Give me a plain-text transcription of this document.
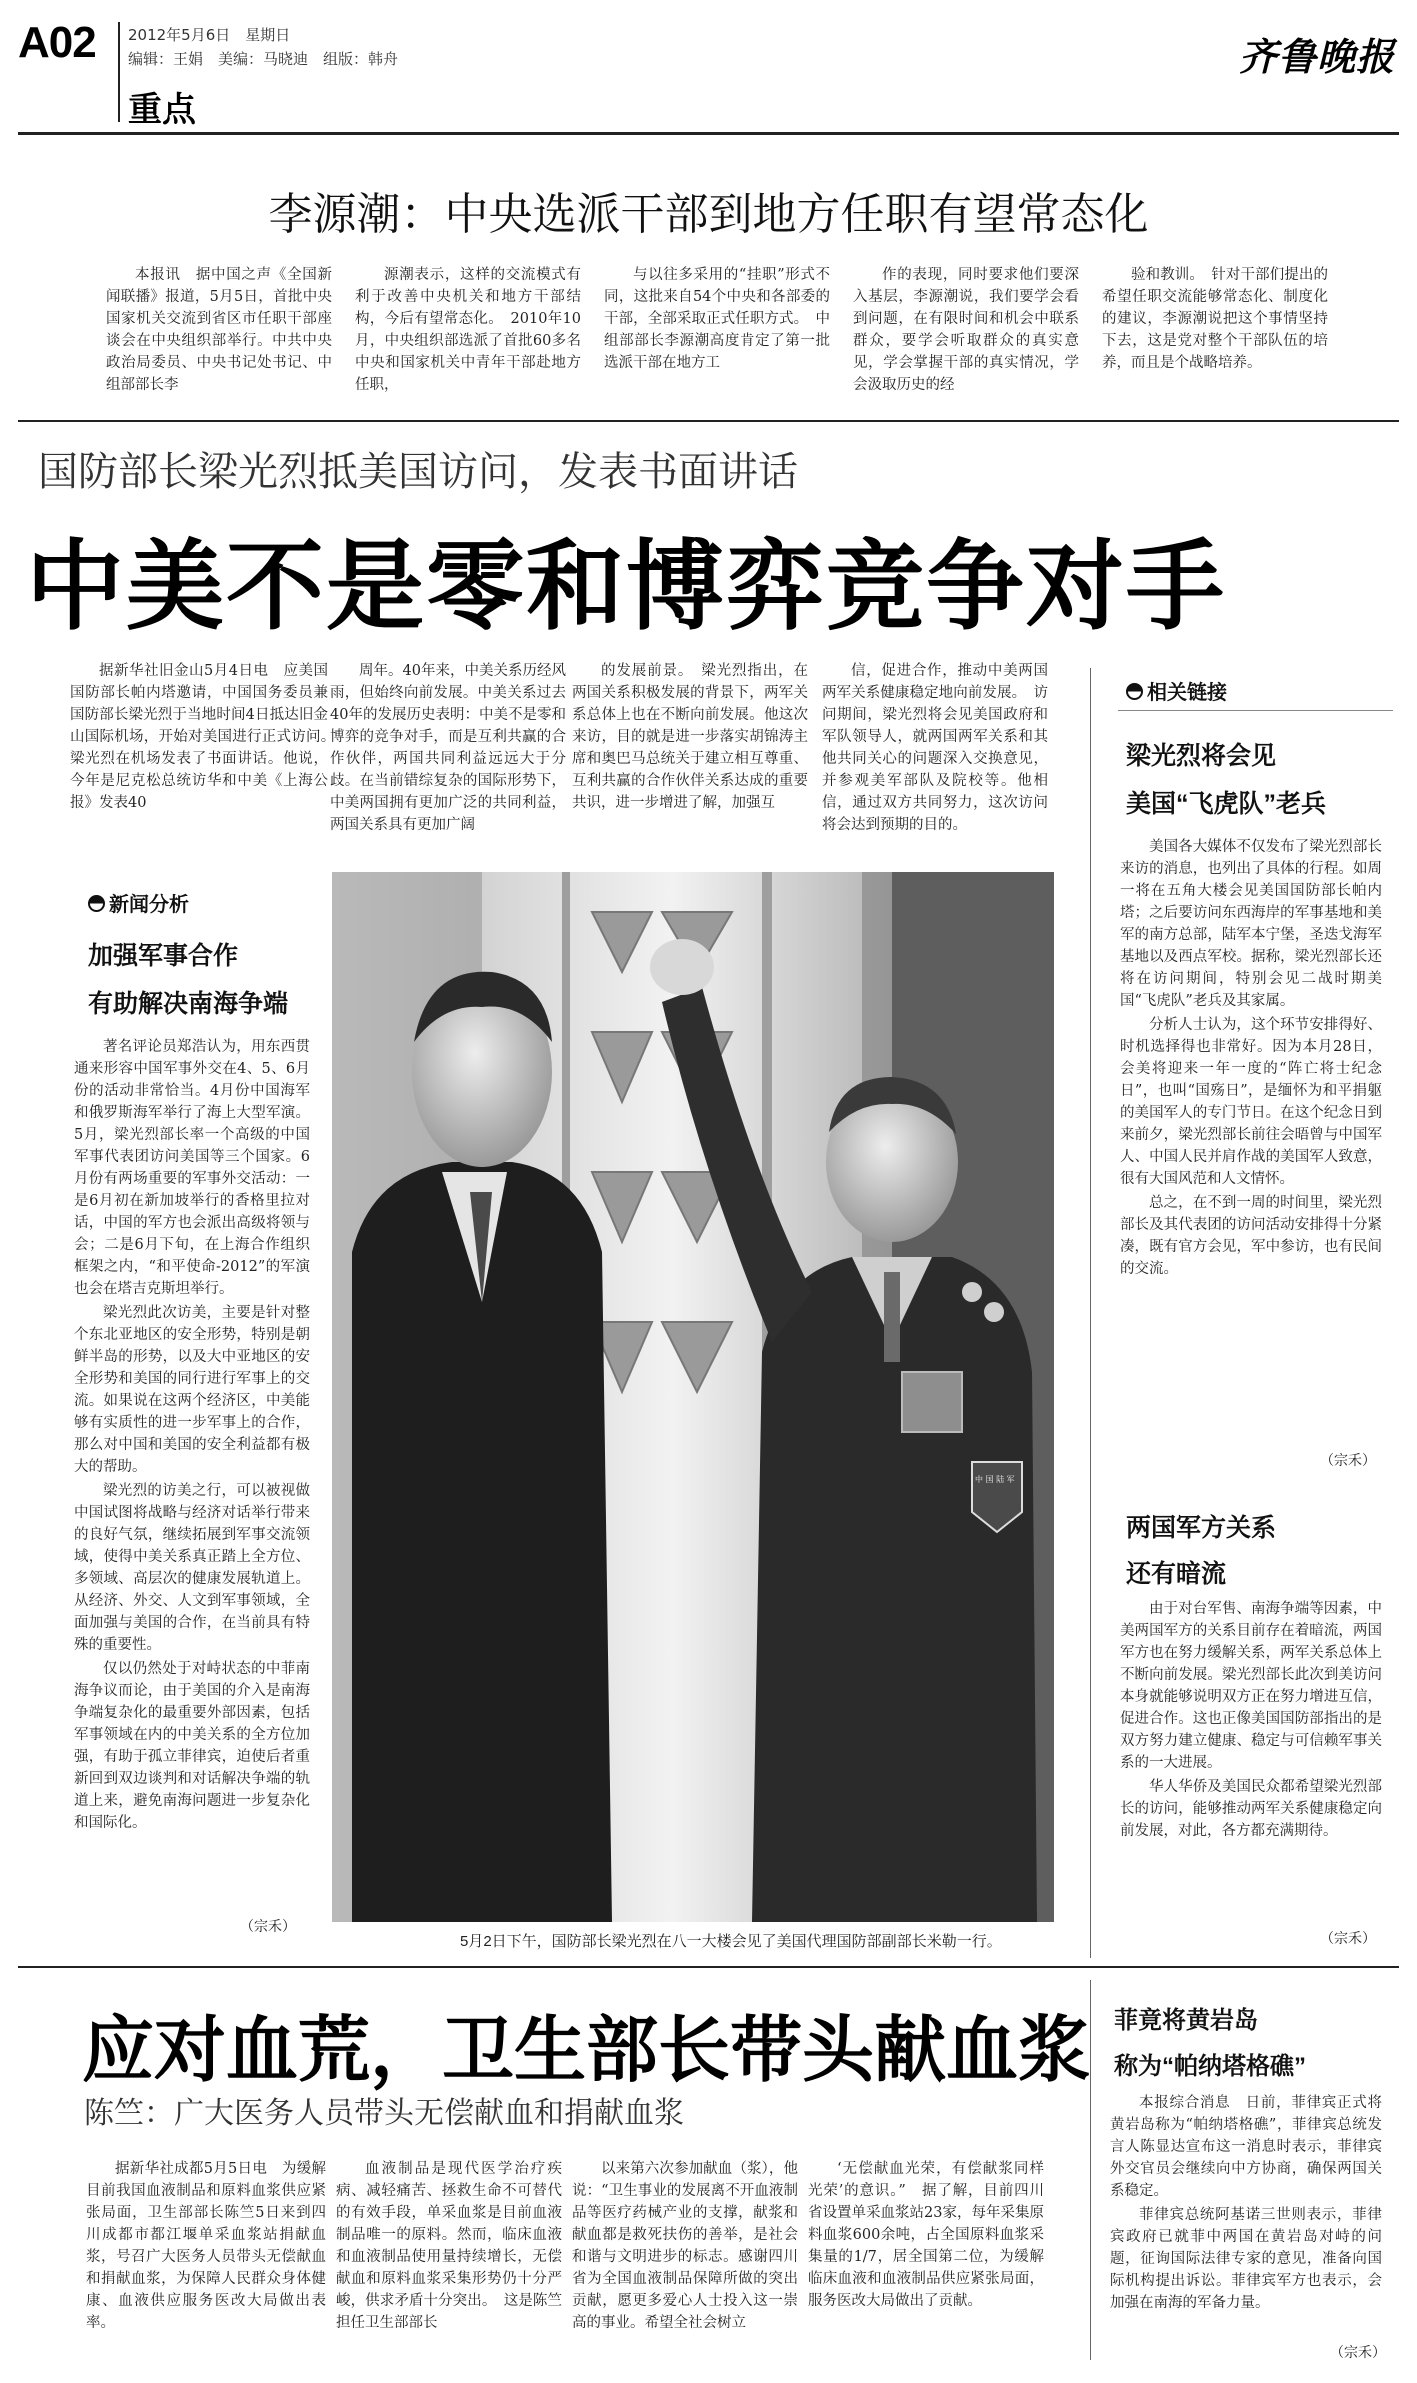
A02 2012年5月6日　星期日
编辑：王娟　美编：马晓迪　组版：韩舟
重点
齐鲁晚报
李源潮：中央选派干部到地方任职有望常态化

本报讯　据中国之声《全国新闻联播》报道，5月5日，首批中央国家机关交流到省区市任职干部座谈会在中央组织部举行。中共中央政治局委员、中央书记处书记、中组部部长李

源潮表示，这样的交流模式有利于改善中央机关和地方干部结构，今后有望常态化。　2010年10月，中央组织部选派了首批60多名中央和国家机关中青年干部赴地方任职，

与以往多采用的“挂职”形式不同，这批来自54个中央和各部委的干部，全部采取正式任职方式。　中组部部长李源潮高度肯定了第一批选派干部在地方工

作的表现，同时要求他们要深入基层，李源潮说，我们要学会看到问题，在有限时间和机会中联系群众，要学会听取群众的真实意见，学会掌握干部的真实情况，学会汲取历史的经

验和教训。　针对干部们提出的希望任职交流能够常态化、制度化的建议，李源潮说把这个事情坚持下去，这是党对整个干部队伍的培养，而且是个战略培养。

国防部长梁光烈抵美国访问，发表书面讲话
中美不是零和博弈竞争对手

据新华社旧金山5月4日电　应美国国防部长帕内塔邀请，中国国务委员兼国防部长梁光烈于当地时间4日抵达旧金山国际机场，开始对美国进行正式访问。　梁光烈在机场发表了书面讲话。他说，今年是尼克松总统访华和中美《上海公报》发表40

周年。40年来，中美关系历经风雨，但始终向前发展。中美关系过去40年的发展历史表明：中美不是零和博弈的竞争对手，而是互利共赢的合作伙伴，两国共同利益远远大于分歧。在当前错综复杂的国际形势下，中美两国拥有更加广泛的共同利益，两国关系具有更加广阔

的发展前景。　梁光烈指出，在两国关系积极发展的背景下，两军关系总体上也在不断向前发展。他这次来访，目的就是进一步落实胡锦涛主席和奥巴马总统关于建立相互尊重、互利共赢的合作伙伴关系达成的重要共识，进一步增进了解，加强互

信，促进合作，推动中美两国两军关系健康稳定地向前发展。　访问期间，梁光烈将会见美国政府和军队领导人，就两国两军关系和其他共同关心的问题深入交换意见，并参观美军部队及院校等。他相信，通过双方共同努力，这次访问将会达到预期的目的。

中 国 陆 军
5月2日下午，国防部长梁光烈在八一大楼会见了美国代理国防部副部长米勒一行。
新闻分析
加强军事合作
有助解决南海争端

著名评论员郑浩认为，用东西贯通来形容中国军事外交在4、5、6月份的活动非常恰当。4月份中国海军和俄罗斯海军举行了海上大型军演。5月，梁光烈部长率一个高级的中国军事代表团访问美国等三个国家。6月份有两场重要的军事外交活动：一是6月初在新加坡举行的香格里拉对话，中国的军方也会派出高级将领与会；二是6月下旬，在上海合作组织框架之内，“和平使命-2012”的军演也会在塔吉克斯坦举行。

梁光烈此次访美，主要是针对整个东北亚地区的安全形势，特别是朝鲜半岛的形势，以及大中亚地区的安全形势和美国的同行进行军事上的交流。如果说在这两个经济区，中美能够有实质性的进一步军事上的合作，那么对中国和美国的安全利益都有极大的帮助。

梁光烈的访美之行，可以被视做中国试图将战略与经济对话举行带来的良好气氛，继续拓展到军事交流领域，使得中美关系真正踏上全方位、多领域、高层次的健康发展轨道上。从经济、外交、人文到军事领域，全面加强与美国的合作，在当前具有特殊的重要性。

仅以仍然处于对峙状态的中菲南海争议而论，由于美国的介入是南海争端复杂化的最重要外部因素，包括军事领域在内的中美关系的全方位加强，有助于孤立菲律宾，迫使后者重新回到双边谈判和对话解决争端的轨道上来，避免南海问题进一步复杂化和国际化。

（宗禾）
相关链接
梁光烈将会见
美国“飞虎队”老兵

美国各大媒体不仅发布了梁光烈部长来访的消息，也列出了具体的行程。如周一将在五角大楼会见美国国防部长帕内塔；之后要访问东西海岸的军事基地和美军的南方总部，陆军本宁堡，圣迭戈海军基地以及西点军校。据称，梁光烈部长还将在访问期间，特别会见二战时期美国“飞虎队”老兵及其家属。

分析人士认为，这个环节安排得好、时机选择得也非常好。因为本月28日，会美将迎来一年一度的“阵亡将士纪念日”，也叫“国殇日”，是缅怀为和平捐躯的美国军人的专门节日。在这个纪念日到来前夕，梁光烈部长前往会晤曾与中国军人、中国人民并肩作战的美国军人致意，很有大国风范和人文情怀。

总之，在不到一周的时间里，梁光烈部长及其代表团的访问活动安排得十分紧凑，既有官方会见，军中参访，也有民间的交流。

（宗禾）
两国军方关系
还有暗流

由于对台军售、南海争端等因素，中美两国军方的关系目前存在着暗流，两国军方也在努力缓解关系，两军关系总体上不断向前发展。梁光烈部长此次到美访问本身就能够说明双方正在努力增进互信，促进合作。这也正像美国国防部指出的是双方努力建立健康、稳定与可信赖军事关系的一大进展。

华人华侨及美国民众都希望梁光烈部长的访问，能够推动两军关系健康稳定向前发展，对此，各方都充满期待。

（宗禾）
应对血荒，卫生部长带头献血浆
陈竺：广大医务人员带头无偿献血和捐献血浆

据新华社成都5月5日电　为缓解目前我国血液制品和原料血浆供应紧张局面，卫生部部长陈竺5日来到四川成都市都江堰单采血浆站捐献血浆，号召广大医务人员带头无偿献血和捐献血浆，为保障人民群众身体健康、血液供应服务医改大局做出表率。

血液制品是现代医学治疗疾病、减轻痛苦、拯救生命不可替代的有效手段，单采血浆是目前血液制品唯一的原料。然而，临床血液和血液制品使用量持续增长，无偿献血和原料血浆采集形势仍十分严峻，供求矛盾十分突出。　这是陈竺担任卫生部部长

以来第六次参加献血（浆），他说：“卫生事业的发展离不开血液制品等医疗药械产业的支撑，献浆和献血都是救死扶伤的善举，是社会和谐与文明进步的标志。感谢四川省为全国血液制品保障所做的突出贡献，愿更多爱心人士投入这一崇高的事业。希望全社会树立

‘无偿献血光荣，有偿献浆同样光荣’的意识。”　据了解，目前四川省设置单采血浆站23家，每年采集原料血浆600余吨，占全国原料血浆采集量的1/7，居全国第二位，为缓解临床血液和血液制品供应紧张局面，服务医改大局做出了贡献。

菲竟将黄岩岛
称为“帕纳塔格礁”

本报综合消息　日前，菲律宾正式将黄岩岛称为“帕纳塔格礁”，菲律宾总统发言人陈显达宣布这一消息时表示，菲律宾外交官员会继续向中方协商，确保两国关系稳定。

菲律宾总统阿基诺三世则表示，菲律宾政府已就菲中两国在黄岩岛对峙的问题，征询国际法律专家的意见，准备向国际机构提出诉讼。菲律宾军方也表示，会加强在南海的军备力量。

（宗禾）
